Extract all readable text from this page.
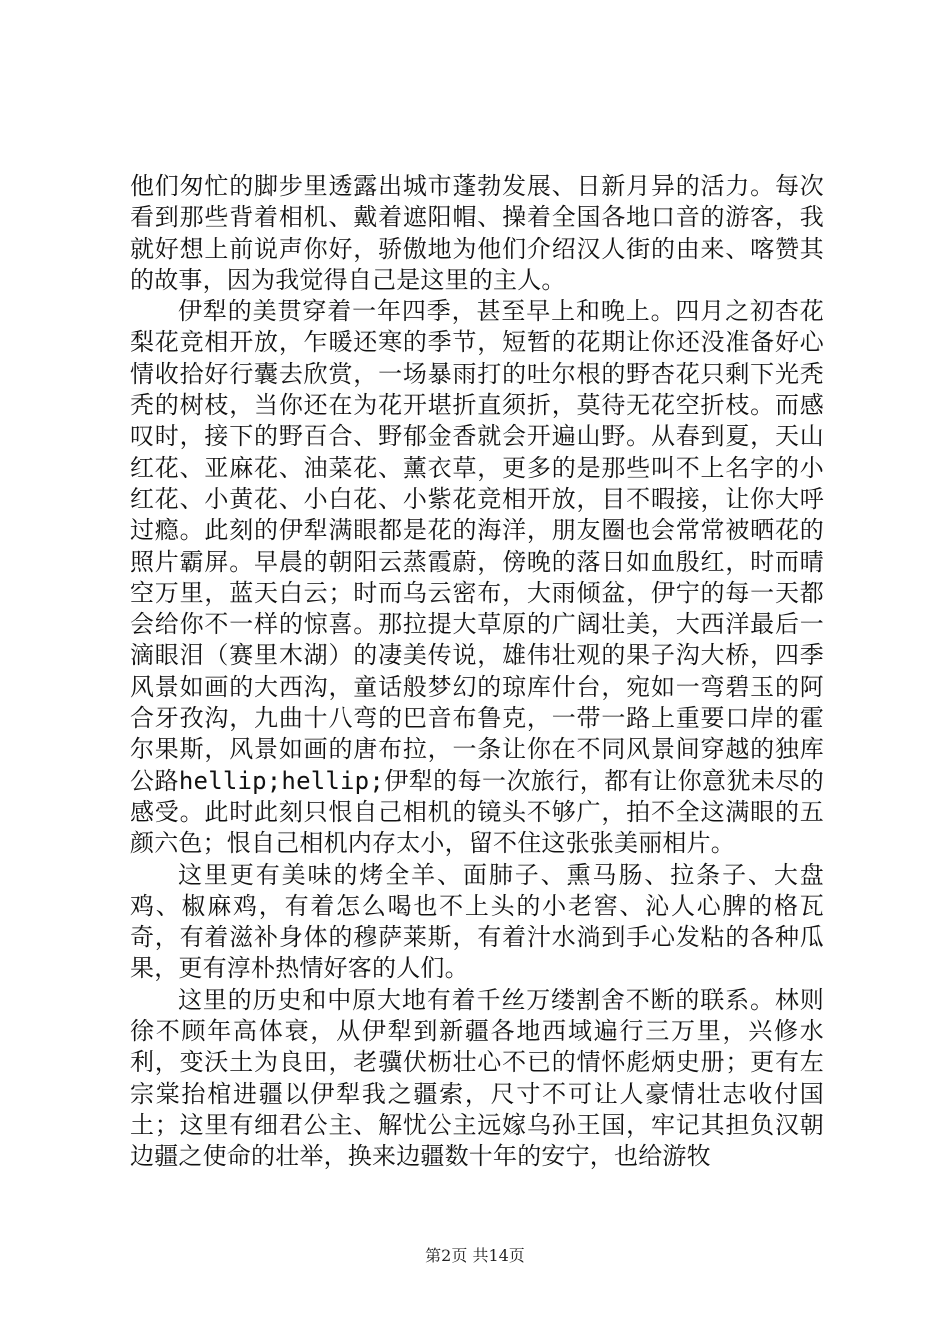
他们匆忙的脚步里透露出城市蓬勃发展、日新月异的活力。每次看到那些背着相机、戴着遮阳帽、操着全国各地口音的游客，我就好想上前说声你好，骄傲地为他们介绍汉人街的由来、喀赞其的故事，因为我觉得自己是这里的主人。

伊犁的美贯穿着一年四季，甚至早上和晚上。四月之初杏花梨花竞相开放，乍暖还寒的季节，短暂的花期让你还没准备好心情收拾好行囊去欣赏，一场暴雨打的吐尔根的野杏花只剩下光秃秃的树枝，当你还在为花开堪折直须折，莫待无花空折枝。而感叹时，接下的野百合、野郁金香就会开遍山野。从春到夏，天山红花、亚麻花、油菜花、薰衣草，更多的是那些叫不上名字的小红花、小黄花、小白花、小紫花竞相开放，目不暇接，让你大呼过瘾。此刻的伊犁满眼都是花的海洋，朋友圈也会常常被晒花的照片霸屏。早晨的朝阳云蒸霞蔚，傍晚的落日如血殷红，时而晴空万里，蓝天白云；时而乌云密布，大雨倾盆，伊宁的每一天都会给你不一样的惊喜。那拉提大草原的广阔壮美，大西洋最后一滴眼泪（赛里木湖）的凄美传说，雄伟壮观的果子沟大桥，四季风景如画的大西沟，童话般梦幻的琼库什台，宛如一弯碧玉的阿合牙孜沟，九曲十八弯的巴音布鲁克，一带一路上重要口岸的霍尔果斯，风景如画的唐布拉，一条让你在不同风景间穿越的独库公路hellip;hellip;伊犁的每一次旅行，都有让你意犹未尽的感受。此时此刻只恨自己相机的镜头不够广，拍不全这满眼的五颜六色；恨自己相机内存太小，留不住这张张美丽相片。

这里更有美味的烤全羊、面肺子、熏马肠、拉条子、大盘鸡、椒麻鸡，有着怎么喝也不上头的小老窖、沁人心脾的格瓦奇，有着滋补身体的穆萨莱斯，有着汁水淌到手心发粘的各种瓜果，更有淳朴热情好客的人们。

这里的历史和中原大地有着千丝万缕割舍不断的联系。林则徐不顾年高体衰，从伊犁到新疆各地西域遍行三万里，兴修水利，变沃土为良田，老骥伏枥壮心不已的情怀彪炳史册；更有左宗棠抬棺进疆以伊犁我之疆索，尺寸不可让人豪情壮志收付国土；这里有细君公主、解忧公主远嫁乌孙王国，牢记其担负汉朝边疆之使命的壮举，换来边疆数十年的安宁，也给游牧

第2页 共14页
